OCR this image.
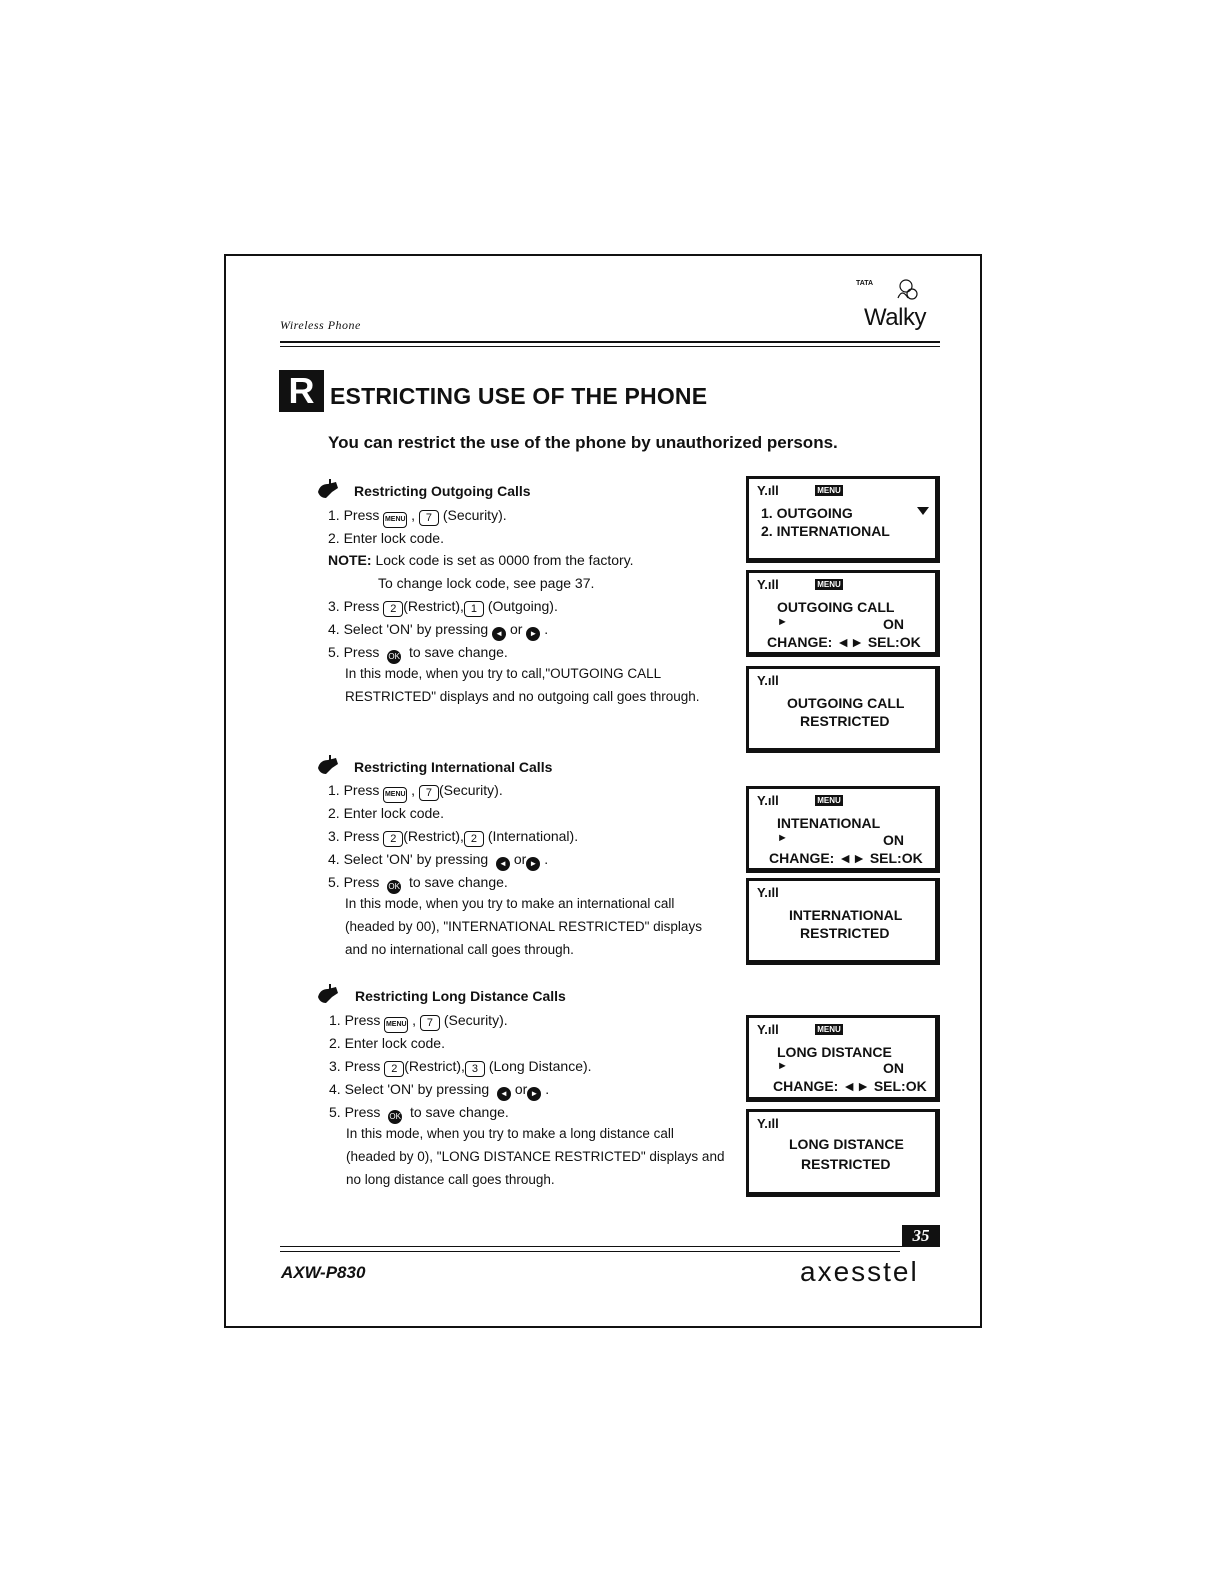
Wireless Phone
TATA
Walky
R ESTRICTING USE OF THE PHONE
You can restrict the use of the phone by unauthorized persons.
Restricting Outgoing Calls
1. Press MENU , 7 (Security).
2. Enter lock code.
NOTE: Lock code is set as 0000 from the factory.
To change lock code, see page 37.
3. Press 2 (Restrict), 1 (Outgoing).
4. Select 'ON' by pressing ◄ or ► .
5. Press OK to save change.
In this mode, when you try to call,"OUTGOING CALL RESTRICTED" displays and no outgoing call goes through.
Restricting International Calls
1. Press MENU , 7 (Security).
2. Enter lock code.
3. Press 2 (Restrict), 2 (International).
4. Select 'ON' by pressing ◄ or ► .
5. Press OK to save change.
In this mode, when you try to make an international call (headed by 00), "INTERNATIONAL RESTRICTED" displays and no international call goes through.
Restricting Long Distance Calls
1. Press MENU , 7 (Security).
2. Enter lock code.
3. Press 2 (Restrict), 3 (Long Distance).
4. Select 'ON' by pressing ◄ or ► .
5. Press OK to save change.
In this mode, when you try to make a long distance call (headed by 0), "LONG DISTANCE RESTRICTED" displays and no long distance call goes through.
Y.ıll	MENU
1. OUTGOING
2. INTERNATIONAL
Y.ıll	MENU
OUTGOING CALL
►	ON
CHANGE: ◄► SEL:OK
Y.ıll
OUTGOING CALL
RESTRICTED
Y.ıll	MENU
INTENATIONAL
►	ON
CHANGE: ◄► SEL:OK
Y.ıll
INTERNATIONAL
RESTRICTED
Y.ıll	MENU
LONG DISTANCE
►	ON
CHANGE: ◄► SEL:OK
Y.ıll
LONG DISTANCE
RESTRICTED
35
AXW-P830	axesstel
